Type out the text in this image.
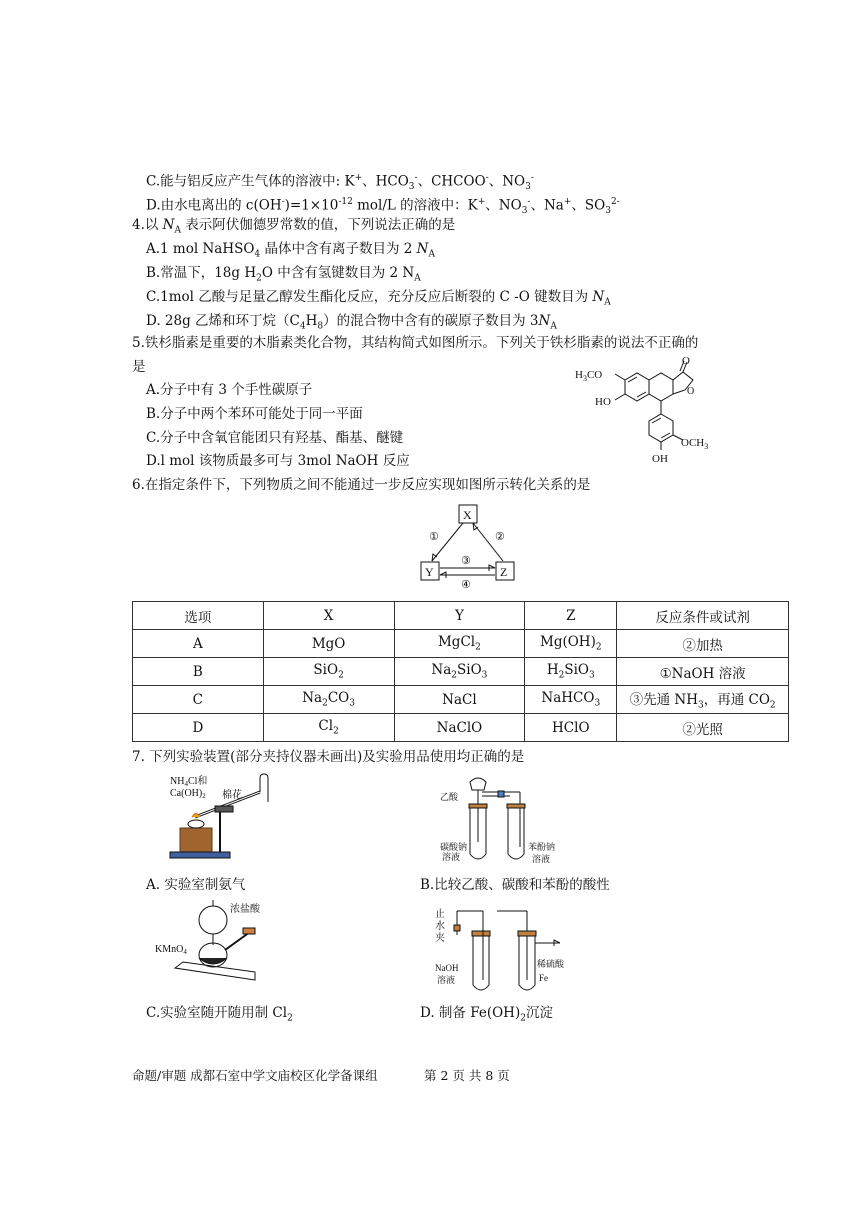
C.能与铝反应产生气体的溶液中: K+、$HCO_3^-$、CHCOO-、$NO_3^-$
D.由水电离出的 $c(OH^-)=1\times 10^{-12}$ mol/L 的溶液中：K+、$NO_3^-$、Na+、$SO_3^{2-}$
4.以 $N_A$ 表示阿伏伽德罗常数的值，下列说法正确的是
A.1 mol NaHSO$_4$ 晶体中含有离子数目为 2 $N_A$
B.常温下，18g $H_2O$ 中含有氢键数目为 2 $N_A$
C.1mol 乙酸与足量乙醇发生酯化反应，充分反应后断裂的 C -O 键数目为 $N_A$
D. 28g 乙烯和环丁烷$(C_4H_8)$的混合物中含有的碳原子数目为 $3N_A$
5.铁杉脂素是重要的木脂素类化合物，其结构简式如图所示。下列关于铁杉脂素的说法不正确的
是
A.分子中有 3 个手性碳原子
B.分子中两个苯环可能处于同一平面
C.分子中含氧官能团只有羟基、酯基、醚键
D.l mol 该物质最多可与 3mol NaOH 反应
O
O
$H_3CO$
HO
$OCH_3$
OH
6.在指定条件下，下列物质之间不能通过一步反应实现如图所示转化关系的是
X
Y	Z
①	②
③
④
选项	X	Y	Z	反应条件或试剂
A	MgO	MgCl$_2$	$Mg(OH)_2$	②加热
B	SiO$_2$	$Na_2SiO_3$	$H_2SiO_3$	①NaOH 溶液
C	$Na_2CO_3$	NaCl	NaHCO$_3$	③先通 $NH_3$，再通 $CO_2$
D	$Cl_2$	NaClO	HClO	②光照
7. 下列实验装置(部分夹持仪器未画出)及实验用品使用均正确的是
$NH_4Cl$和
$Ca(OH)_2$ 棉花	乙酸
碳酸钠
溶液
苯酚钠
溶液
A. 实验室制氨气	B.比较乙酸、碳酸和苯酚的酸性
浓盐酸
KMnO$_4$
止
水
夹
NaOH
溶液
稀硫酸
Fe
C.实验室随开随用制 $Cl_2$	D. 制备 $Fe(OH)_2$沉淀
命题/审题 成都石室中学文庙校区化学备课组	第 2 页 共 8 页
